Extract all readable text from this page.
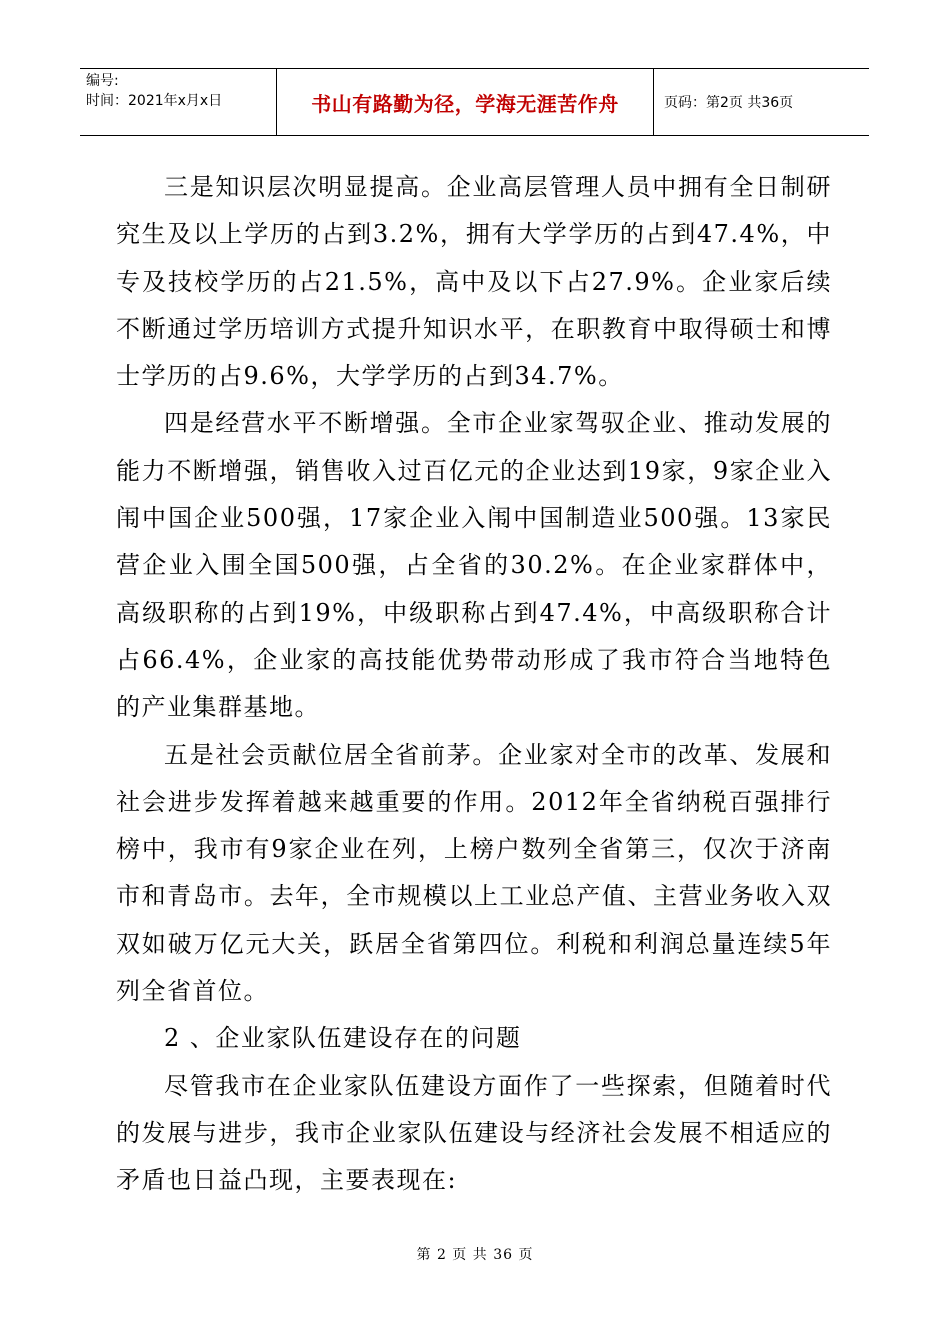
编号:
时间：2021年x月x日	书山有路勤为径，学海无涯苦作舟	页码：第2页 共36页

三是知识层次明显提高。企业高层管理人员中拥有全日制研究生及以上学历的占到3.2%，拥有大学学历的占到47.4%，中专及技校学历的占21.5%，高中及以下占27.9%。企业家后续不断通过学历培训方式提升知识水平，在职教育中取得硕士和博士学历的占9.6%，大学学历的占到34.7%。

四是经营水平不断增强。全市企业家驾驭企业、推动发展的能力不断增强，销售收入过百亿元的企业达到19家，9家企业入闱中国企业500强，17家企业入闱中国制造业500强。13家民营企业入围全国500强，占全省的30.2%。在企业家群体中，高级职称的占到19%，中级职称占到47.4%，中高级职称合计占66.4%，企业家的高技能优势带动形成了我市符合当地特色的产业集群基地。

五是社会贡献位居全省前茅。企业家对全市的改革、发展和社会进步发挥着越来越重要的作用。2012年全省纳税百强排行榜中，我市有9家企业在列，上榜户数列全省第三，仅次于济南市和青岛市。去年，全市规模以上工业总产值、主营业务收入双双如破万亿元大关，跃居全省第四位。利税和利润总量连续5年列全省首位。

2 、企业家队伍建设存在的问题

尽管我市在企业家队伍建设方面作了一些探索，但随着时代的发展与进步，我市企业家队伍建设与经济社会发展不相适应的矛盾也日益凸现，主要表现在:

第 2 页 共 36 页
